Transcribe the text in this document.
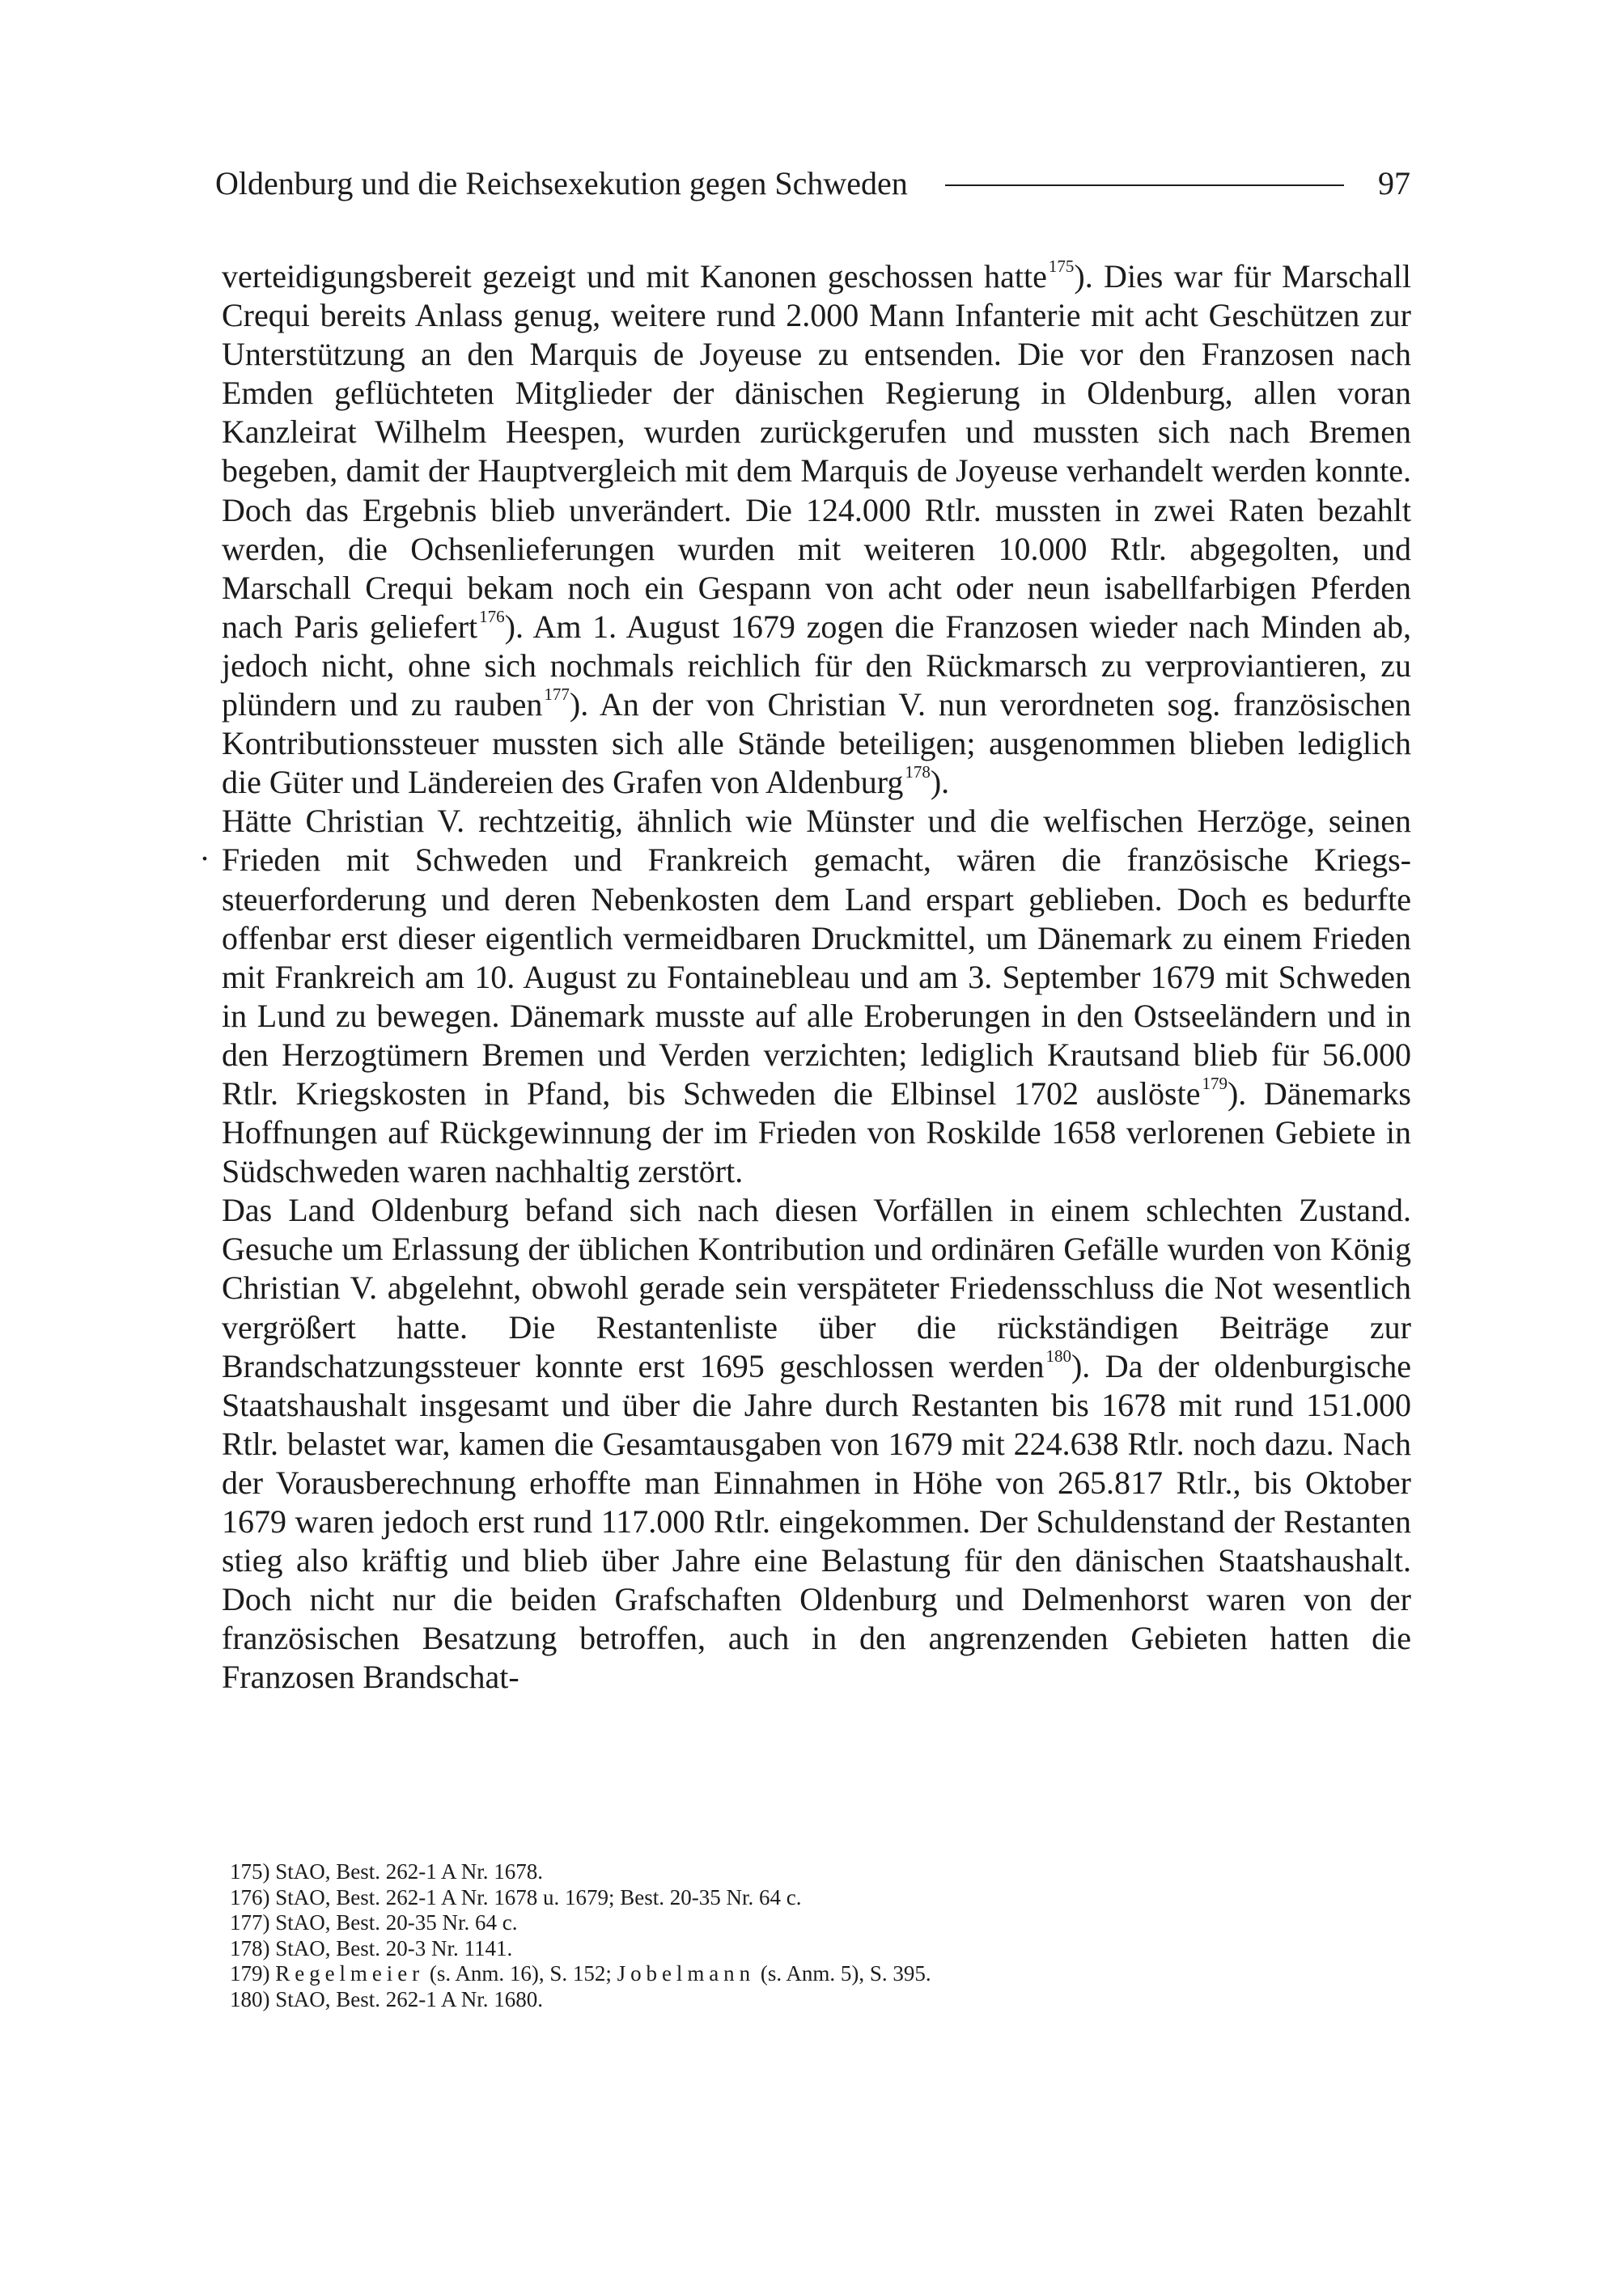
Oldenburg und die Reichsexekution gegen Schweden	97
.

verteidigungsbereit gezeigt und mit Kanonen geschossen hatte$^{175}$). Dies war für Marschall Crequi bereits Anlass genug, weitere rund 2.000 Mann Infanterie mit acht Geschützen zur Unterstützung an den Marquis de Joyeuse zu entsenden. Die vor den Franzosen nach Emden geflüchteten Mitglieder der dänischen Regierung in Oldenburg, allen voran Kanzleirat Wilhelm Heespen, wurden zurückgerufen und mussten sich nach Bremen begeben, damit der Hauptvergleich mit dem Marquis de Joyeuse verhandelt werden konnte. Doch das Ergebnis blieb unverändert. Die 124.000 Rtlr. mussten in zwei Raten bezahlt werden, die Ochsenlieferungen wurden mit weiteren 10.000 Rtlr. abgegolten, und Marschall Crequi bekam noch ein Gespann von acht oder neun isabellfarbigen Pferden nach Paris geliefert$^{176}$). Am 1. August 1679 zogen die Franzosen wieder nach Minden ab, jedoch nicht, ohne sich nochmals reichlich für den Rückmarsch zu verproviantieren, zu plündern und zu rauben$^{177}$). An der von Christian V. nun verordneten sog. französischen Kontributionssteuer mussten sich alle Stände beteiligen; ausgenommen blieben lediglich die Güter und Ländereien des Grafen von Aldenburg$^{178}$).

Hätte Christian V. rechtzeitig, ähnlich wie Münster und die welfischen Herzöge, seinen Frieden mit Schweden und Frankreich gemacht, wären die französische Kriegssteuerforderung und deren Nebenkosten dem Land erspart geblieben. Doch es bedurfte offenbar erst dieser eigentlich vermeidbaren Druckmittel, um Dänemark zu einem Frieden mit Frankreich am 10. August zu Fontainebleau und am 3. September 1679 mit Schweden in Lund zu bewegen. Dänemark musste auf alle Eroberungen in den Ostseeländern und in den Herzogtümern Bremen und Verden verzichten; lediglich Krautsand blieb für 56.000 Rtlr. Kriegskosten in Pfand, bis Schweden die Elbinsel 1702 auslöste$^{179}$). Dänemarks Hoffnungen auf Rückgewinnung der im Frieden von Roskilde 1658 verlorenen Gebiete in Südschweden waren nachhaltig zerstört.

Das Land Oldenburg befand sich nach diesen Vorfällen in einem schlechten Zustand. Gesuche um Erlassung der üblichen Kontribution und ordinären Gefälle wurden von König Christian V. abgelehnt, obwohl gerade sein verspäteter Friedensschluss die Not wesentlich vergrößert hatte. Die Restantenliste über die rückständigen Beiträge zur Brandschatzungssteuer konnte erst 1695 geschlossen werden$^{180}$). Da der oldenburgische Staatshaushalt insgesamt und über die Jahre durch Restanten bis 1678 mit rund 151.000 Rtlr. belastet war, kamen die Gesamtausgaben von 1679 mit 224.638 Rtlr. noch dazu. Nach der Vorausberechnung erhoffte man Einnahmen in Höhe von 265.817 Rtlr., bis Oktober 1679 waren jedoch erst rund 117.000 Rtlr. eingekommen. Der Schuldenstand der Restanten stieg also kräftig und blieb über Jahre eine Belastung für den dänischen Staatshaushalt. Doch nicht nur die beiden Grafschaften Oldenburg und Delmenhorst waren von der französischen Besatzung betroffen, auch in den angrenzenden Gebieten hatten die Franzosen Brandschat-

175) StAO, Best. 262-1 A Nr. 1678.

176) StAO, Best. 262-1 A Nr. 1678 u. 1679; Best. 20-35 Nr. 64 c.

177) StAO, Best. 20-35 Nr. 64 c.

178) StAO, Best. 20-3 Nr. 1141.

179) Regelmeier (s. Anm. 16), S. 152; Jobelmann (s. Anm. 5), S. 395.

180) StAO, Best. 262-1 A Nr. 1680.
